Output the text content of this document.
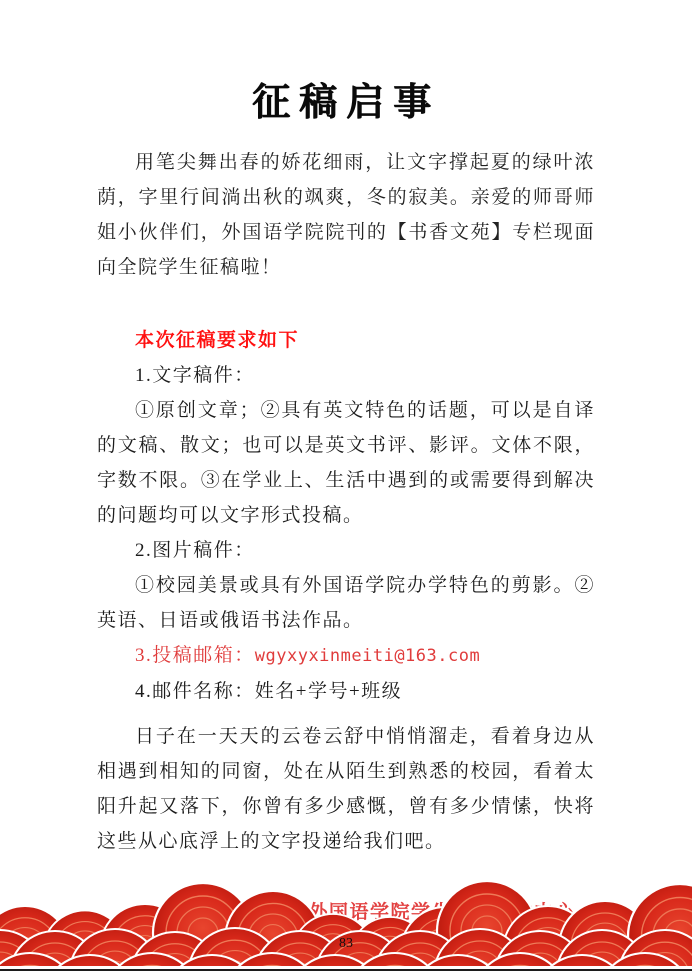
征稿启事

用笔尖舞出春的娇花细雨，让文字撑起夏的绿叶浓荫，字里行间淌出秋的飒爽，冬的寂美。亲爱的师哥师姐小伙伴们，外国语学院院刊的【书香文苑】专栏现面向全院学生征稿啦！

本次征稿要求如下

1.文字稿件：

①原创文章；②具有英文特色的话题，可以是自译的文稿、散文；也可以是英文书评、影评。文体不限，字数不限。③在学业上、生活中遇到的或需要得到解决的问题均可以文字形式投稿。

2.图片稿件：

①校园美景或具有外国语学院办学特色的剪影。②英语、日语或俄语书法作品。

3.投稿邮箱：wgyxyxinmeiti@163.com

4.邮件名称：姓名+学号+班级

日子在一天天的云卷云舒中悄悄溜走，看着身边从相遇到相知的同窗，处在从陌生到熟悉的校园，看着太阳升起又落下，你曾有多少感慨，曾有多少情愫，快将这些从心底浮上的文字投递给我们吧。

83
